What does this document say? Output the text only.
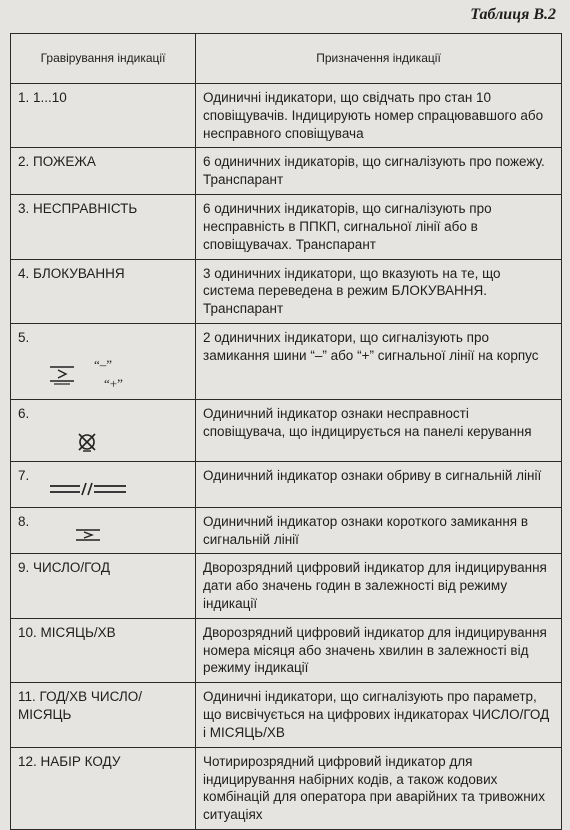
Таблиця В.2
Гравірування індикації	Призначення індикації
1. 1...10	Одиничні індикатори, що свідчать про стан 10 сповіщувачів. Індицирують номер спрацювавшого або несправного сповіщувача
2. ПОЖЕЖА	6 одиничних індикаторів, що сигналізують про пожежу. Транспарант
3. НЕСПРАВНІСТЬ	6 одиничних індикаторів, що сигналізують про несправність в ППКП, сигнальної лінії або в сповіщувачах. Транспарант
4. БЛОКУВАННЯ	3 одиничних індикатори, що вказують на те, що система переведена в режим БЛОКУВАННЯ. Транспарант

5.
“–”
“+”	2 одиничних індикатори, що сигналізують про замикання шини “–” або “+” сигнальної лінії на корпус

6.	Одиничний індикатор ознаки несправності сповіщувача, що індицирується на панелі керування

7.	Одиничний індикатор ознаки обриву в сигнальній лінії

8.	Одиничний індикатор ознаки короткого замикання в сигнальній лінії
9. ЧИСЛО/ГОД	Дворозрядний цифровий індикатор для індицирування дати або значень годин в залежності від режиму індикації
10. МІСЯЦЬ/ХВ	Дворозрядний цифровий індикатор для індицирування номера місяця або значень хвилин в залежності від режиму індикації
11. ГОД/ХВ ЧИСЛО/МІСЯЦЬ	Одиничні індикатори, що сигналізують про параметр, що висвічується на цифрових індикаторах ЧИСЛО/ГОД і МІСЯЦЬ/ХВ
12. НАБІР КОДУ	Чотирирозрядний цифровий індикатор для індицирування набірних кодів, а також кодових комбінацій для оператора при аварійних та тривожних ситуаціях
